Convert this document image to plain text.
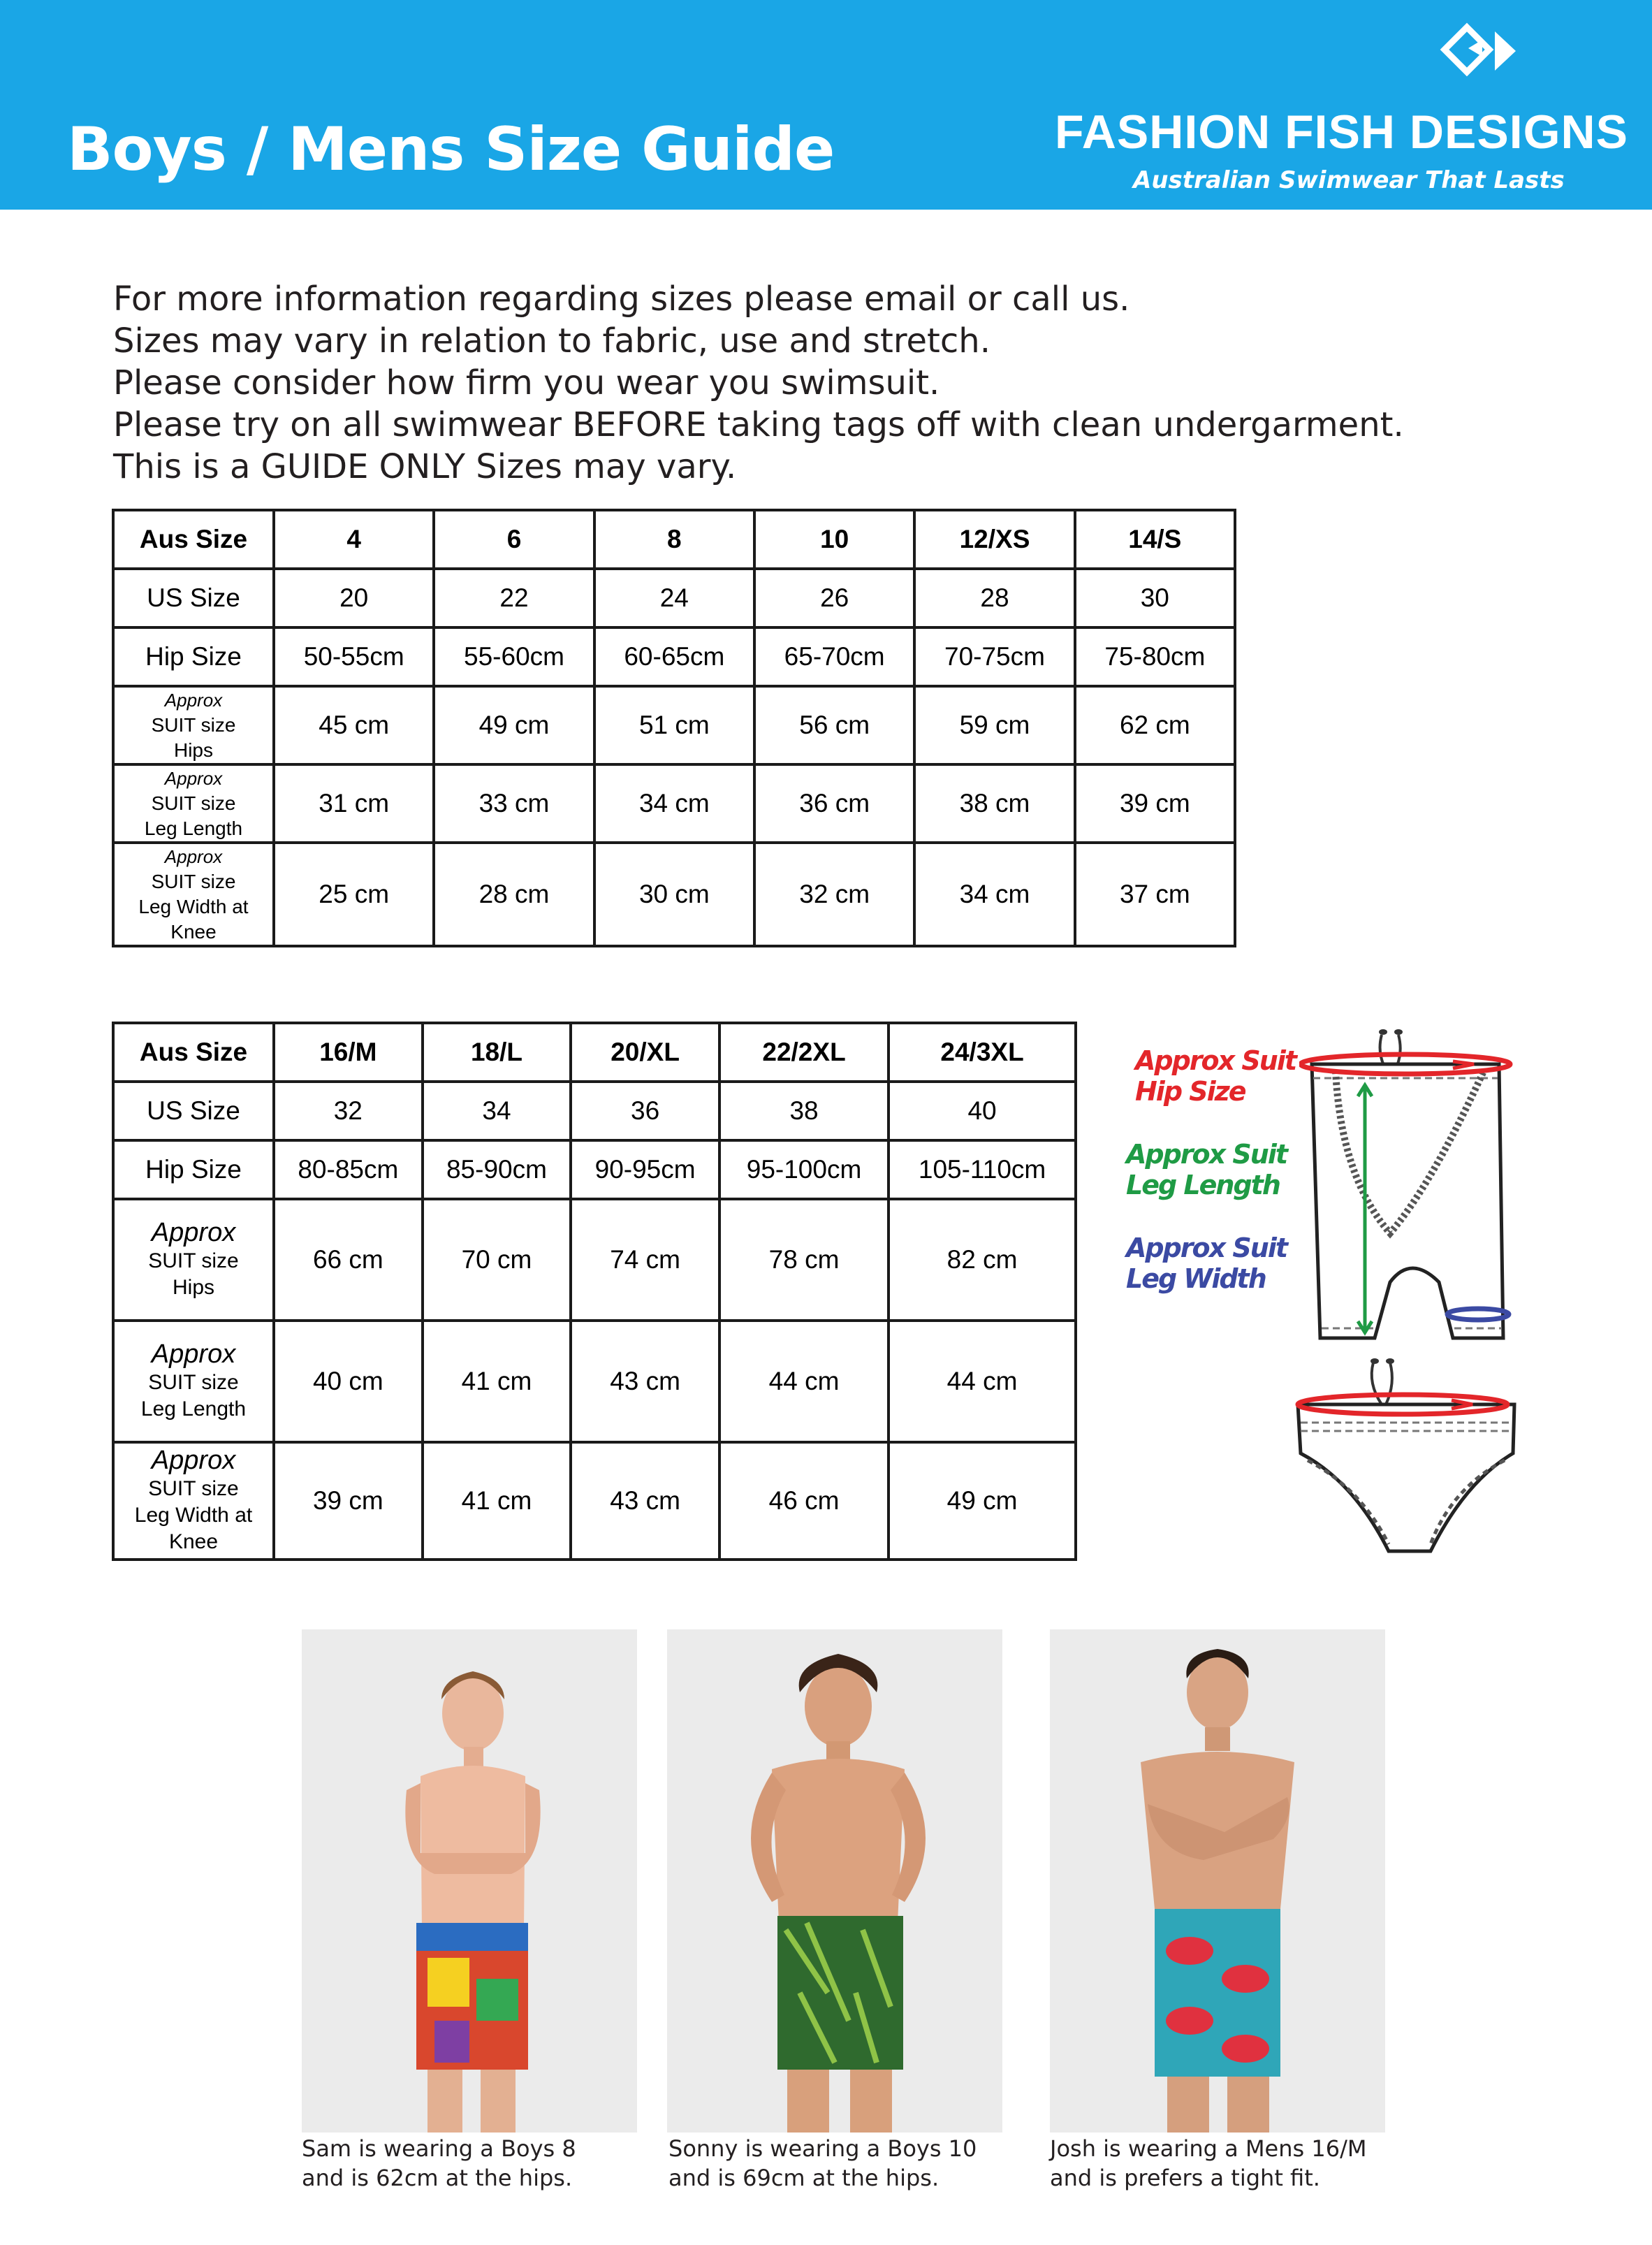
Boys / Mens Size Guide	FASHION FISH DESIGNS
Australian Swimwear That Lasts
For more information regarding sizes please email or call us.
Sizes may vary in relation to fabric, use and stretch.
Please consider how firm you wear you swimsuit.
Please try on all swimwear BEFORE taking tags off with clean undergarment.
This is a GUIDE ONLY Sizes may vary.
Aus Size	4	6	8	10	12/XS	14/S
US Size	20	22	24	26	28	30
Hip Size	50-55cm	55-60cm	60-65cm	65-70cm	70-75cm	75-80cm
Approx
SUIT size
Hips	45 cm	49 cm	51 cm	56 cm	59 cm	62 cm
Approx
SUIT size
Leg Length	31 cm	33 cm	34 cm	36 cm	38 cm	39 cm
Approx
SUIT size
Leg Width at
Knee	25 cm	28 cm	30 cm	32 cm	34 cm	37 cm
Aus Size	16/M	18/L	20/XL	22/2XL	24/3XL
US Size	32	34	36	38	40
Hip Size	80-85cm	85-90cm	90-95cm	95-100cm	105-110cm
Approx
SUIT size
Hips	66 cm	70 cm	74 cm	78 cm	82 cm
Approx
SUIT size
Leg Length	40 cm	41 cm	43 cm	44 cm	44 cm
Approx
SUIT size
Leg Width at
Knee	39 cm	41 cm	43 cm	46 cm	49 cm
Approx Suit
Hip Size
Approx Suit
Leg Length
Approx Suit
Leg Width
Sam is wearing a Boys 8
and is 62cm at the hips.
Sonny is wearing a Boys 10
and is 69cm at the hips.
Josh is wearing a Mens 16/M
and is prefers a tight fit.
